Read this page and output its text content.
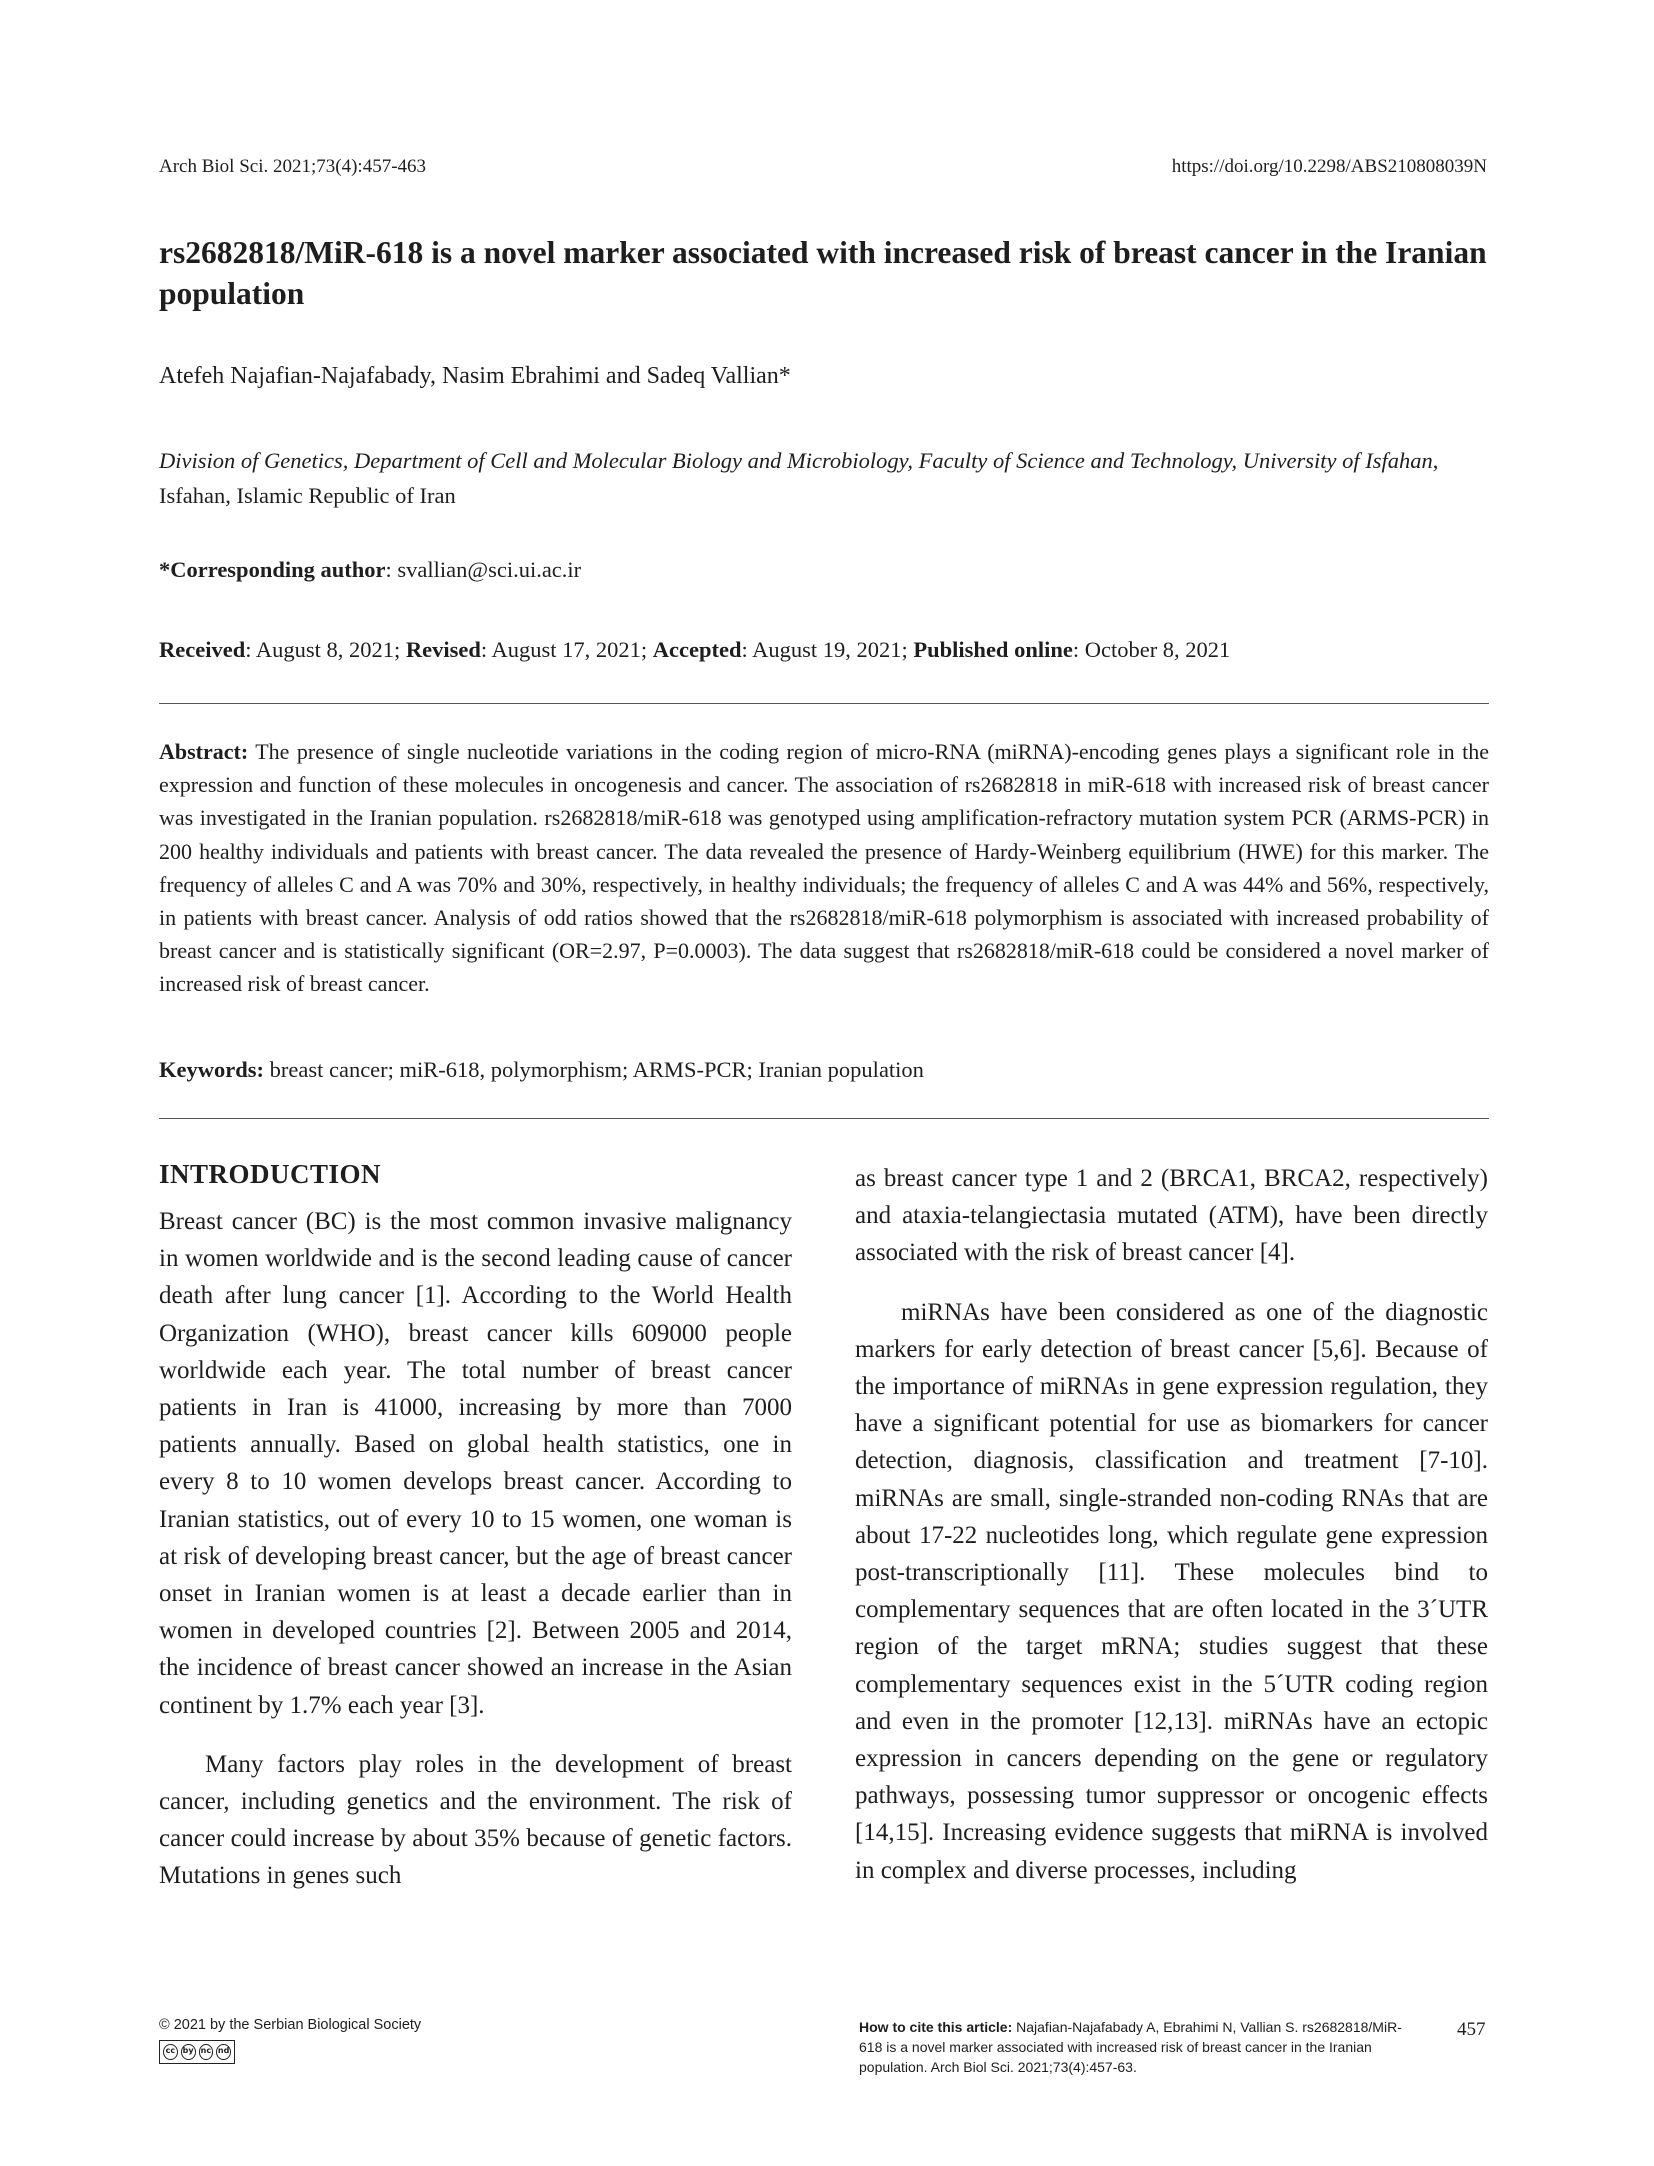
Arch Biol Sci. 2021;73(4):457-463	https://doi.org/10.2298/ABS210808039N
rs2682818/MiR-618 is a novel marker associated with increased risk of breast cancer in the Iranian population
Atefeh Najafian-Najafabady, Nasim Ebrahimi and Sadeq Vallian*
Division of Genetics, Department of Cell and Molecular Biology and Microbiology, Faculty of Science and Technology, University of Isfahan, Isfahan, Islamic Republic of Iran
*Corresponding author: svallian@sci.ui.ac.ir
Received: August 8, 2021; Revised: August 17, 2021; Accepted: August 19, 2021; Published online: October 8, 2021
Abstract: The presence of single nucleotide variations in the coding region of micro-RNA (miRNA)-encoding genes plays a significant role in the expression and function of these molecules in oncogenesis and cancer. The association of rs2682818 in miR-618 with increased risk of breast cancer was investigated in the Iranian population. rs2682818/miR-618 was genotyped using amplification-refractory mutation system PCR (ARMS-PCR) in 200 healthy individuals and patients with breast cancer. The data revealed the presence of Hardy-Weinberg equilibrium (HWE) for this marker. The frequency of alleles C and A was 70% and 30%, respectively, in healthy individuals; the frequency of alleles C and A was 44% and 56%, respectively, in patients with breast cancer. Analysis of odd ratios showed that the rs2682818/miR-618 polymorphism is associated with increased probability of breast cancer and is statistically significant (OR=2.97, P=0.0003). The data suggest that rs2682818/miR-618 could be considered a novel marker of increased risk of breast cancer.
Keywords: breast cancer; miR-618, polymorphism; ARMS-PCR; Iranian population
INTRODUCTION

Breast cancer (BC) is the most common invasive malignancy in women worldwide and is the second leading cause of cancer death after lung cancer [1]. According to the World Health Organization (WHO), breast cancer kills 609000 people worldwide each year. The total number of breast cancer patients in Iran is 41000, increasing by more than 7000 patients annually. Based on global health statistics, one in every 8 to 10 women develops breast cancer. According to Iranian statistics, out of every 10 to 15 women, one woman is at risk of developing breast cancer, but the age of breast cancer onset in Iranian women is at least a decade earlier than in women in developed countries [2]. Between 2005 and 2014, the incidence of breast cancer showed an increase in the Asian continent by 1.7% each year [3].

Many factors play roles in the development of breast cancer, including genetics and the environment. The risk of cancer could increase by about 35% because of genetic factors. Mutations in genes such

as breast cancer type 1 and 2 (BRCA1, BRCA2, respectively) and ataxia-telangiectasia mutated (ATM), have been directly associated with the risk of breast cancer [4].

miRNAs have been considered as one of the diagnostic markers for early detection of breast cancer [5,6]. Because of the importance of miRNAs in gene expression regulation, they have a significant potential for use as biomarkers for cancer detection, diagnosis, classification and treatment [7-10]. miRNAs are small, single-stranded non-coding RNAs that are about 17-22 nucleotides long, which regulate gene expression post-transcriptionally [11]. These molecules bind to complementary sequences that are often located in the 3´UTR region of the target mRNA; studies suggest that these complementary sequences exist in the 5´UTR coding region and even in the promoter [12,13]. miRNAs have an ectopic expression in cancers depending on the gene or regulatory pathways, possessing tumor suppressor or oncogenic effects [14,15]. Increasing evidence suggests that miRNA is involved in complex and diverse processes, including

© 2021 by the Serbian Biological Society
cc by nc nd
How to cite this article: Najafian-Najafabady A, Ebrahimi N, Vallian S. rs2682818/MiR-618 is a novel marker associated with increased risk of breast cancer in the Iranian population. Arch Biol Sci. 2021;73(4):457-63.
457
